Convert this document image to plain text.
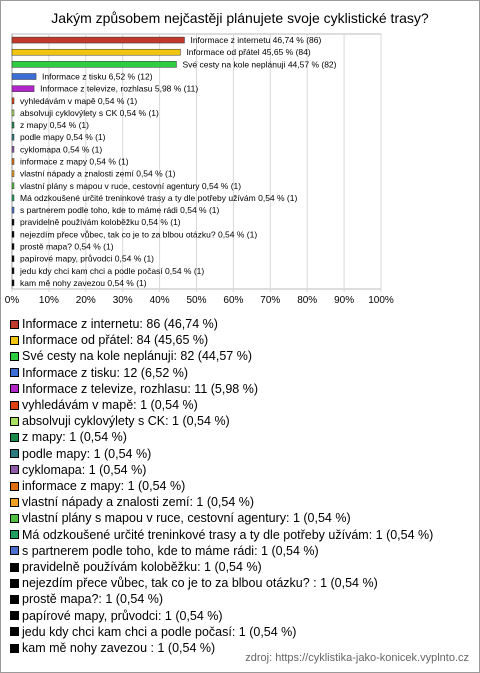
Jakým způsobem nejčastěji plánujete svoje cyklistické trasy?
0% 10% 20% 30% 40% 50% 60% 70% 80% 90% 100%
Informace z internetu 46,74 % (86)
Informace od přátel 45,65 % (84)
Své cesty na kole neplánuji 44,57 % (82)
Informace z tisku 6,52 % (12)
Informace z televize, rozhlasu 5,98 % (11)
vyhledávám v mapě 0,54 % (1)
absolvuji cyklovýlety s CK 0,54 % (1)
z mapy 0,54 % (1)
podle mapy 0,54 % (1)
cyklomapa 0,54 % (1)
informace z mapy 0,54 % (1)
vlastní nápady a znalosti zemí 0,54 % (1)
vlastní plány s mapou v ruce, cestovní agentury 0,54 % (1)
Má odzkoušené určité treninkové trasy a ty dle potřeby užívám 0,54 % (1)
s partnerem podle toho, kde to máme rádi 0,54 % (1)
pravidelně používám koloběžku 0,54 % (1)
nejezdím přece vůbec, tak co je to za blbou otázku? 0,54 % (1)
prostě mapa? 0,54 % (1)
papírové mapy, průvodci 0,54 % (1)
jedu kdy chci kam chci a podle počasí 0,54 % (1)
kam mě nohy zavezou 0,54 % (1)
Informace z internetu: 86 (46,74 %)
Informace od přátel: 84 (45,65 %)
Své cesty na kole neplánuji: 82 (44,57 %)
Informace z tisku: 12 (6,52 %)
Informace z televize, rozhlasu: 11 (5,98 %)
vyhledávám v mapě: 1 (0,54 %)
absolvuji cyklovýlety s CK: 1 (0,54 %)
z mapy: 1 (0,54 %)
podle mapy: 1 (0,54 %)
cyklomapa: 1 (0,54 %)
informace z mapy: 1 (0,54 %)
vlastní nápady a znalosti zemí: 1 (0,54 %)
vlastní plány s mapou v ruce, cestovní agentury: 1 (0,54 %)
Má odzkoušené určité treninkové trasy a ty dle potřeby užívám: 1 (0,54 %)
s partnerem podle toho, kde to máme rádi: 1 (0,54 %)
pravidelně používám koloběžku: 1 (0,54 %)
nejezdím přece vůbec, tak co je to za blbou otázku? : 1 (0,54 %)
prostě mapa?: 1 (0,54 %)
papírové mapy, průvodci: 1 (0,54 %)
jedu kdy chci kam chci a podle počasí: 1 (0,54 %)
kam mě nohy zavezou : 1 (0,54 %)
zdroj: https://cyklistika-jako-konicek.vyplnto.cz
